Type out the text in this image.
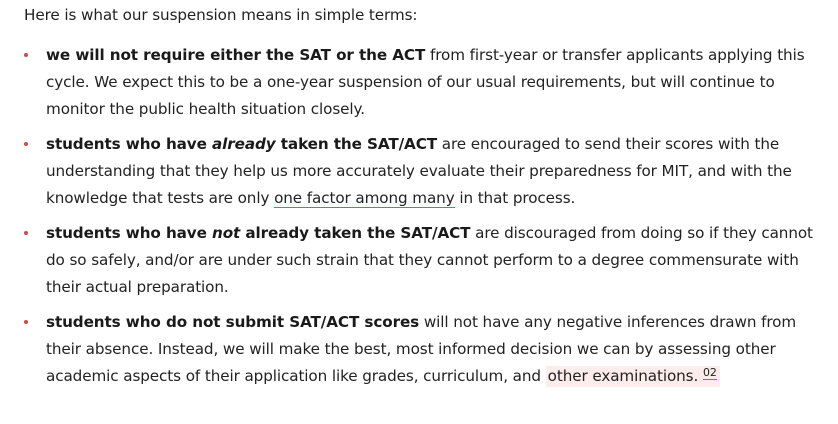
Here is what our suspension means in simple terms:

we will not require either the SAT or the ACT from first-year or transfer applicants applying this cycle. We expect this to be a one-year suspension of our usual requirements, but will continue to monitor the public health situation closely.
students who have already taken the SAT/ACT are encouraged to send their scores with the understanding that they help us more accurately evaluate their preparedness for MIT, and with the knowledge that tests are only one factor among many in that process.
students who have not already taken the SAT/ACT are discouraged from doing so if they cannot do so safely, and/or are under such strain that they cannot perform to a degree commensurate with their actual preparation.
students who do not submit SAT/ACT scores will not have any negative inferences drawn from their absence. Instead, we will make the best, most informed decision we can by assessing other academic aspects of their application like grades, curriculum, and other examinations. $^{02}$
